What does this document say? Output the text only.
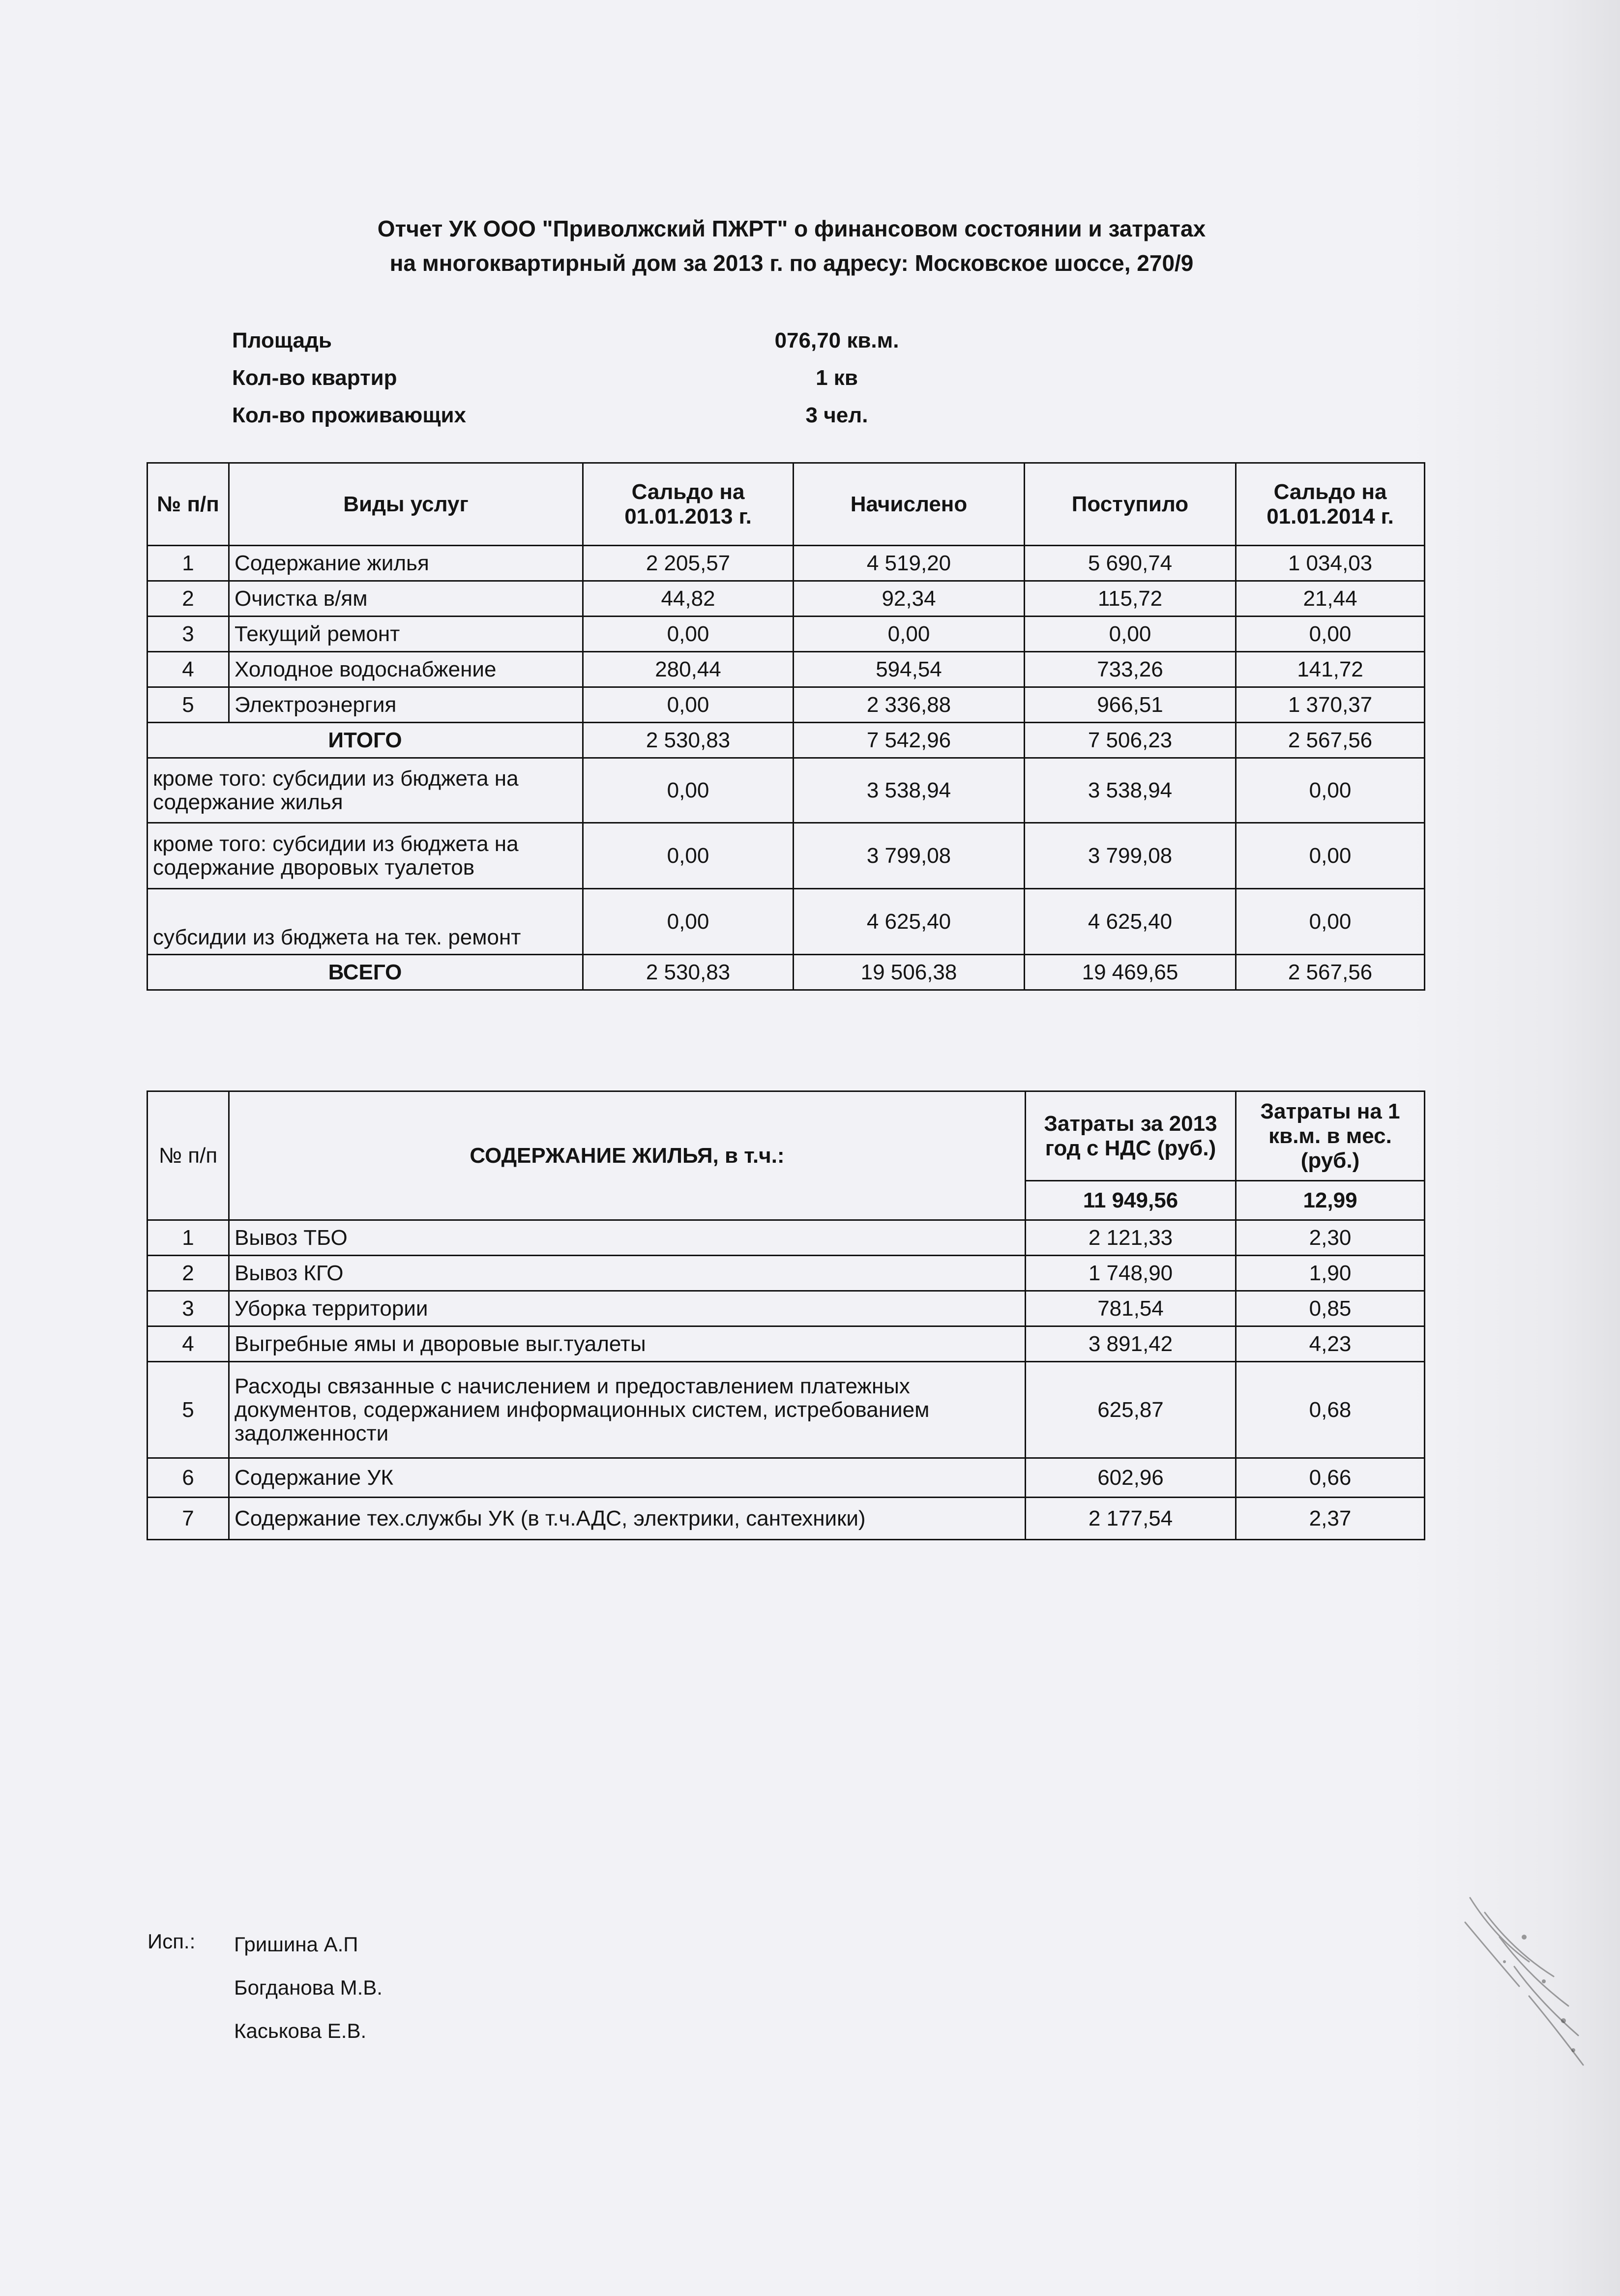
Отчет УК ООО "Приволжский ПЖРТ" о финансовом состоянии и затратах
на многоквартирный дом за 2013 г. по адресу: Московское шоссе, 270/9
Площадь	076,70 кв.м.
Кол-во квартир	1 кв
Кол-во проживающих	3 чел.
№ п/п	Виды услуг	Сальдо на 01.01.2013 г.	Начислено	Поступило	Сальдо на 01.01.2014 г.
1	Содержание жилья	2 205,57	4 519,20	5 690,74	1 034,03
2	Очистка в/ям	44,82	92,34	115,72	21,44
3	Текущий ремонт	0,00	0,00	0,00	0,00
4	Холодное водоснабжение	280,44	594,54	733,26	141,72
5	Электроэнергия	0,00	2 336,88	966,51	1 370,37
ИТОГО		2 530,83	7 542,96	7 506,23	2 567,56
кроме того: субсидии из бюджета на содержание жилья		0,00	3 538,94	3 538,94	0,00
кроме того: субсидии из бюджета на содержание дворовых туалетов		0,00	3 799,08	3 799,08	0,00
субсидии из бюджета на тек. ремонт		0,00	4 625,40	4 625,40	0,00
ВСЕГО		2 530,83	19 506,38	19 469,65	2 567,56
№ п/п	СОДЕРЖАНИЕ ЖИЛЬЯ, в т.ч.:	Затраты за 2013 год с НДС (руб.)	Затраты на 1 кв.м. в мес. (руб.)
		11 949,56	12,99
1	Вывоз ТБО	2 121,33	2,30
2	Вывоз КГО	1 748,90	1,90
3	Уборка территории	781,54	0,85
4	Выгребные ямы и дворовые выг.туалеты	3 891,42	4,23
5	Расходы связанные с начислением и предоставлением платежных документов, содержанием информационных систем, истребованием задолженности	625,87	0,68
6	Содержание УК	602,96	0,66
7	Содержание тех.службы УК (в т.ч.АДС, электрики, сантехники)	2 177,54	2,37
Исп.: Гришина А.П
Богданова М.В.
Каськова Е.В.
